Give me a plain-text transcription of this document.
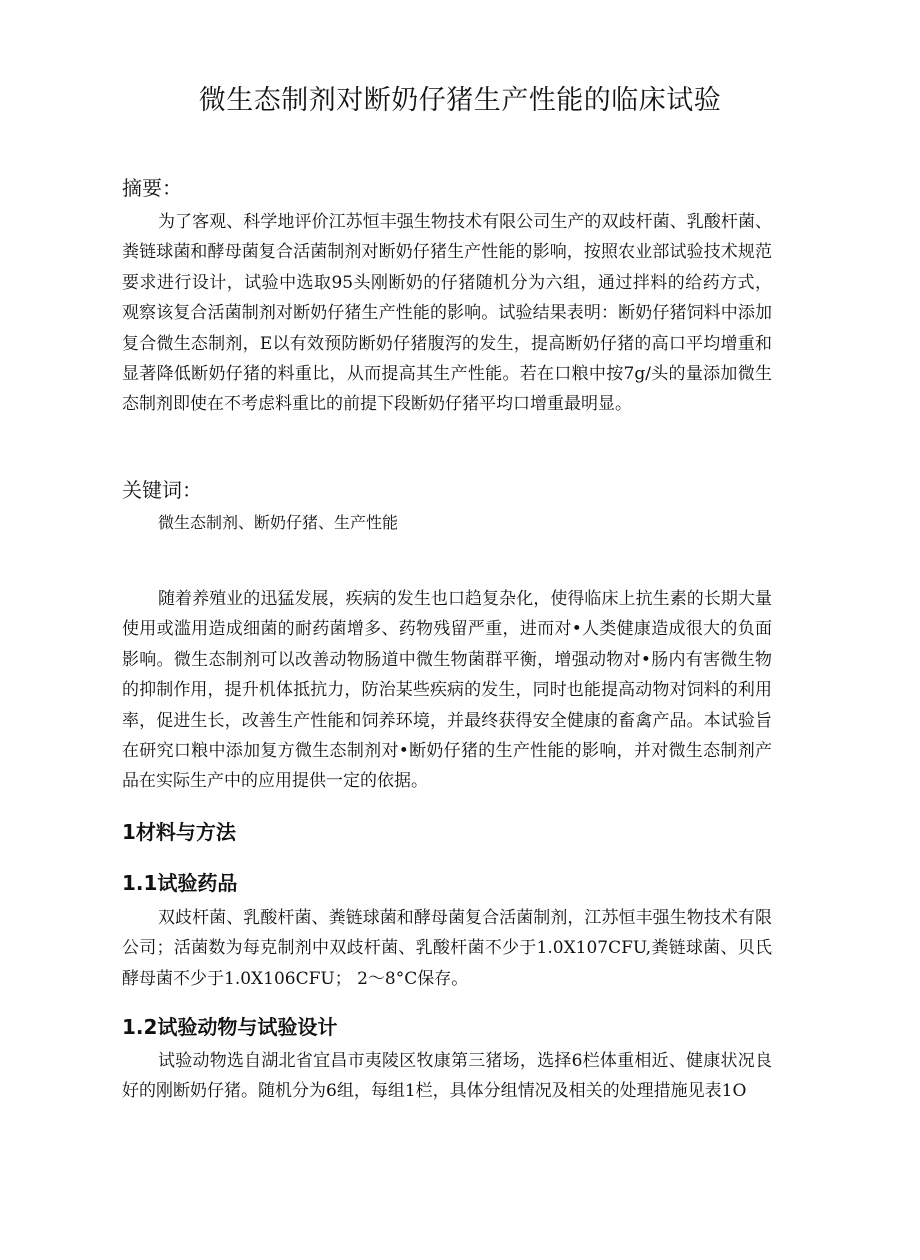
微生态制剂对断奶仔猪生产性能的临床试验
摘要：
为了客观、科学地评价江苏恒丰强生物技术有限公司生产的双歧杆菌、乳酸杆菌、粪链球菌和酵母菌复合活菌制剂对断奶仔猪生产性能的影响，按照农业部试验技术规范要求进行设计，试验中选取95头刚断奶的仔猪随机分为六组，通过拌料的给药方式，观察该复合活菌制剂对断奶仔猪生产性能的影响。试验结果表明：断奶仔猪饲料中添加复合微生态制剂，E以有效预防断奶仔猪腹泻的发生，提高断奶仔猪的高口平均增重和显著降低断奶仔猪的料重比，从而提高其生产性能。若在口粮中按7g/头的量添加微生态制剂即使在不考虑料重比的前提下段断奶仔猪平均口增重最明显。
关键词：
微生态制剂、断奶仔猪、生产性能
随着养殖业的迅猛发展，疾病的发生也口趋复杂化，使得临床上抗生素的长期大量使用或滥用造成细菌的耐药菌增多、药物残留严重，进而对•人类健康造成很大的负面影响。微生态制剂可以改善动物肠道中微生物菌群平衡，增强动物对•肠内有害微生物的抑制作用，提升机体抵抗力，防治某些疾病的发生，同时也能提高动物对饲料的利用率，促进生长，改善生产性能和饲养环境，并最终获得安全健康的畜禽产品。本试验旨在研究口粮中添加复方微生态制剂对•断奶仔猪的生产性能的影响，并对微生态制剂产品在实际生产中的应用提供一定的依据。
1材料与方法
1.1试验药品
双歧杆菌、乳酸杆菌、粪链球菌和酵母菌复合活菌制剂，江苏恒丰强生物技术有限公司；活菌数为每克制剂中双歧杆菌、乳酸杆菌不少于1.0X107CFU,粪链球菌、贝氏酵母菌不少于1.0X106CFU； 2〜8°C保存。
1.2试验动物与试验设计
试验动物选自湖北省宜昌市夷陵区牧康第三猪场，选择6栏体重相近、健康状况良好的刚断奶仔猪。随机分为6组，每组1栏，具体分组情况及相关的处理措施见表1O
